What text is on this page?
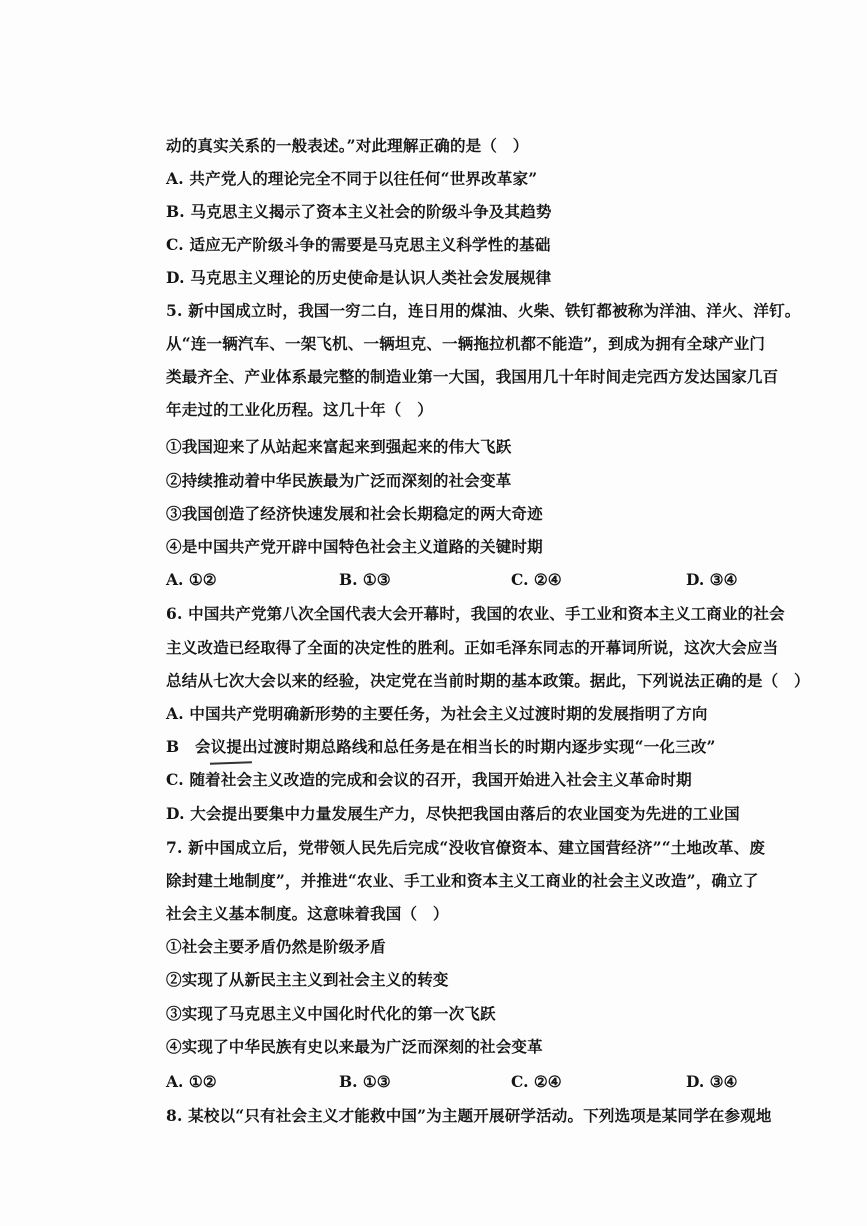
动的真实关系的一般表述。”对此理解正确的是（　）
A. 共产党人的理论完全不同于以往任何“世界改革家”
B. 马克思主义揭示了资本主义社会的阶级斗争及其趋势
C. 适应无产阶级斗争的需要是马克思主义科学性的基础
D. 马克思主义理论的历史使命是认识人类社会发展规律
5. 新中国成立时，我国一穷二白，连日用的煤油、火柴、铁钉都被称为洋油、洋火、洋钉。
从“连一辆汽车、一架飞机、一辆坦克、一辆拖拉机都不能造”，到成为拥有全球产业门
类最齐全、产业体系最完整的制造业第一大国，我国用几十年时间走完西方发达国家几百
年走过的工业化历程。这几十年（　）
①我国迎来了从站起来富起来到强起来的伟大飞跃
②持续推动着中华民族最为广泛而深刻的社会变革
③我国创造了经济快速发展和社会长期稳定的两大奇迹
④是中国共产党开辟中国特色社会主义道路的关键时期
A. ①②	B. ①③	C. ②④	D. ③④
6. 中国共产党第八次全国代表大会开幕时，我国的农业、手工业和资本主义工商业的社会
主义改造已经取得了全面的决定性的胜利。正如毛泽东同志的开幕词所说，这次大会应当
总结从七次大会以来的经验，决定党在当前时期的基本政策。据此，下列说法正确的是（　）
A. 中国共产党明确新形势的主要任务，为社会主义过渡时期的发展指明了方向
B　会议提出过渡时期总路线和总任务是在相当长的时期内逐步实现“一化三改”
C. 随着社会主义改造的完成和会议的召开，我国开始进入社会主义革命时期
D. 大会提出要集中力量发展生产力，尽快把我国由落后的农业国变为先进的工业国
7. 新中国成立后，党带领人民先后完成“没收官僚资本、建立国营经济”“土地改革、废
除封建土地制度”，并推进“农业、手工业和资本主义工商业的社会主义改造”，确立了
社会主义基本制度。这意味着我国（　）
①社会主要矛盾仍然是阶级矛盾
②实现了从新民主主义到社会主义的转变
③实现了马克思主义中国化时代化的第一次飞跃
④实现了中华民族有史以来最为广泛而深刻的社会变革
A. ①②	B. ①③	C. ②④	D. ③④
8. 某校以“只有社会主义才能救中国”为主题开展研学活动。下列选项是某同学在参观地
